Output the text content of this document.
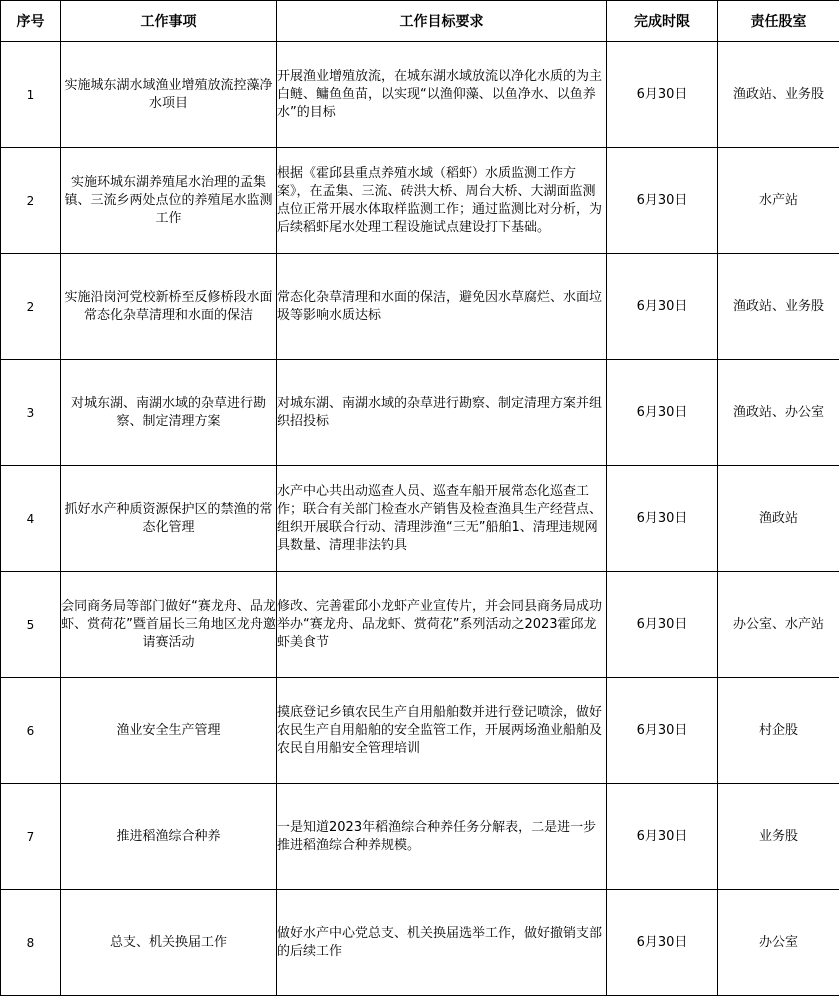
序号	工作事项	工作目标要求	完成时限	责任股室
1	实施城东湖水域渔业增殖放流控藻净水项目	开展渔业增殖放流，在城东湖水域放流以净化水质的为主白鲢、鳙鱼鱼苗，以实现“以渔仰藻、以鱼净水、以鱼养水”的目标	6月30日	渔政站、业务股
2	实施环城东湖养殖尾水治理的孟集镇、三流乡两处点位的养殖尾水监测工作	根据《霍邱县重点养殖水域（稻虾）水质监测工作方案》，在孟集、三流、砖洪大桥、周台大桥、大湖面监测点位正常开展水体取样监测工作；通过监测比对分析，为后续稻虾尾水处理工程设施试点建设打下基础。	6月30日	水产站
2	实施沿岗河党校新桥至反修桥段水面常态化杂草清理和水面的保洁	常态化杂草清理和水面的保洁，避免因水草腐烂、水面垃圾等影响水质达标	6月30日	渔政站、业务股
3	对城东湖、南湖水域的杂草进行勘察、制定清理方案	对城东湖、南湖水域的杂草进行勘察、制定清理方案并组织招投标	6月30日	渔政站、办公室
4	抓好水产种质资源保护区的禁渔的常态化管理	水产中心共出动巡查人员、巡查车船开展常态化巡查工作；联合有关部门检查水产销售及检查渔具生产经营点、组织开展联合行动、清理涉渔“三无”船舶1、清理违规网具数量、清理非法钓具	6月30日	渔政站
5	会同商务局等部门做好“赛龙舟、品龙虾、赏荷花”暨首届长三角地区龙舟邀请赛活动	修改、完善霍邱小龙虾产业宣传片，并会同县商务局成功举办“赛龙舟、品龙虾、赏荷花”系列活动之2023霍邱龙虾美食节	6月30日	办公室、水产站
6	渔业安全生产管理	摸底登记乡镇农民生产自用船舶数并进行登记喷涂，做好农民生产自用船舶的安全监管工作，开展两场渔业船舶及农民自用船安全管理培训	6月30日	村企股
7	推进稻渔综合种养	一是知道2023年稻渔综合种养任务分解表，二是进一步推进稻渔综合种养规模。	6月30日	业务股
8	总支、机关换届工作	做好水产中心党总支、机关换届选举工作，做好撤销支部的后续工作	6月30日	办公室
